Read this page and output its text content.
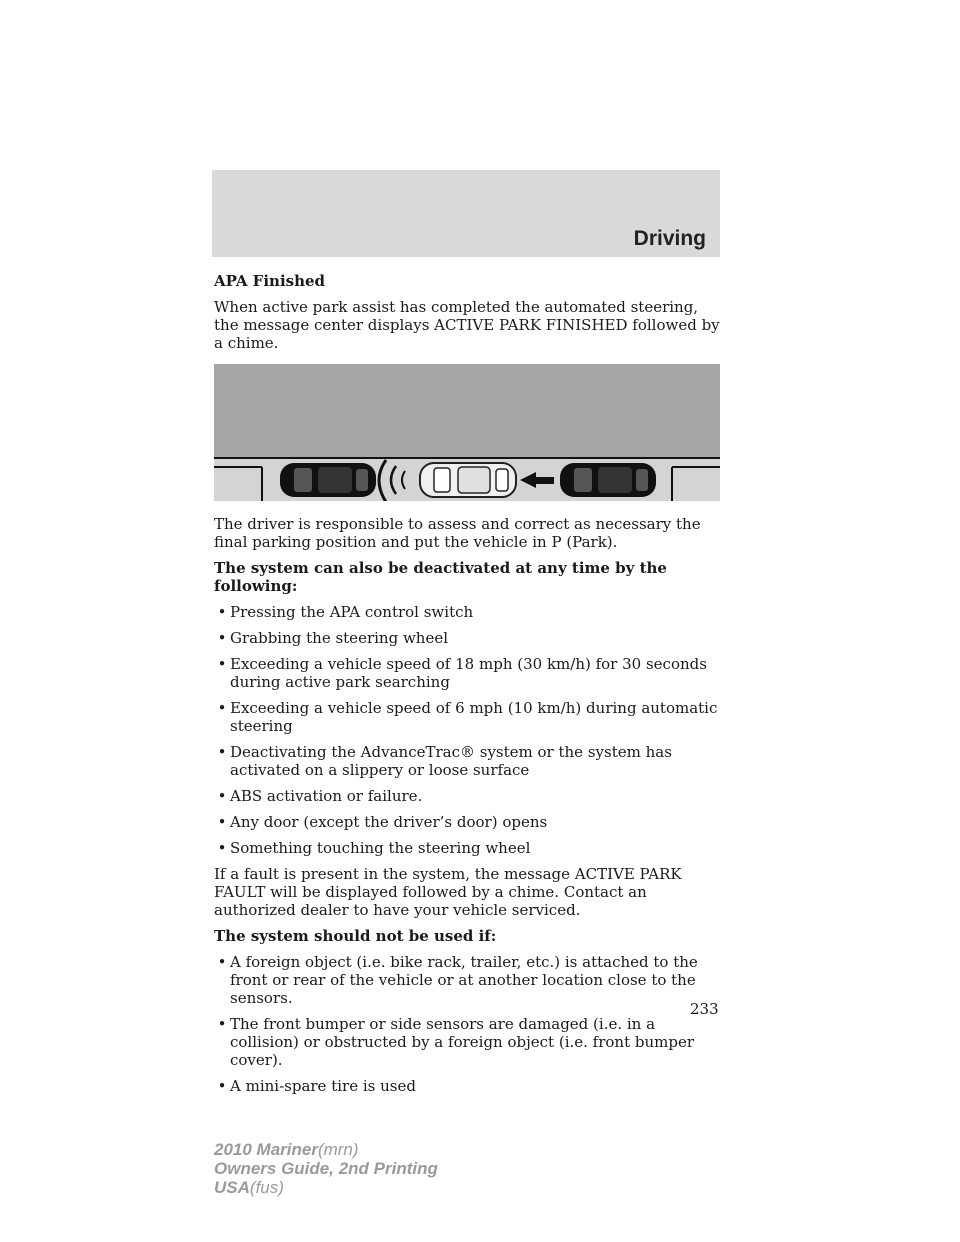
Driving

APA Finished

When active park assist has completed the automated steering, the message center displays ACTIVE PARK FINISHED followed by a chime.

The driver is responsible to assess and correct as necessary the final parking position and put the vehicle in P (Park).

The system can also be deactivated at any time by the following:

• Pressing the APA control switch
• Grabbing the steering wheel
• Exceeding a vehicle speed of 18 mph (30 km/h) for 30 seconds during active park searching
• Exceeding a vehicle speed of 6 mph (10 km/h) during automatic steering
• Deactivating the AdvanceTrac® system or the system has activated on a slippery or loose surface
• ABS activation or failure.
• Any door (except the driver’s door) opens
• Something touching the steering wheel

If a fault is present in the system, the message ACTIVE PARK FAULT will be displayed followed by a chime. Contact an authorized dealer to have your vehicle serviced.

The system should not be used if:

• A foreign object (i.e. bike rack, trailer, etc.) is attached to the front or rear of the vehicle or at another location close to the sensors.
• The front bumper or side sensors are damaged (i.e. in a collision) or obstructed by a foreign object (i.e. front bumper cover).
• A mini-spare tire is used
233
2010 Mariner(mrn)
Owners Guide, 2nd Printing
USA(fus)
